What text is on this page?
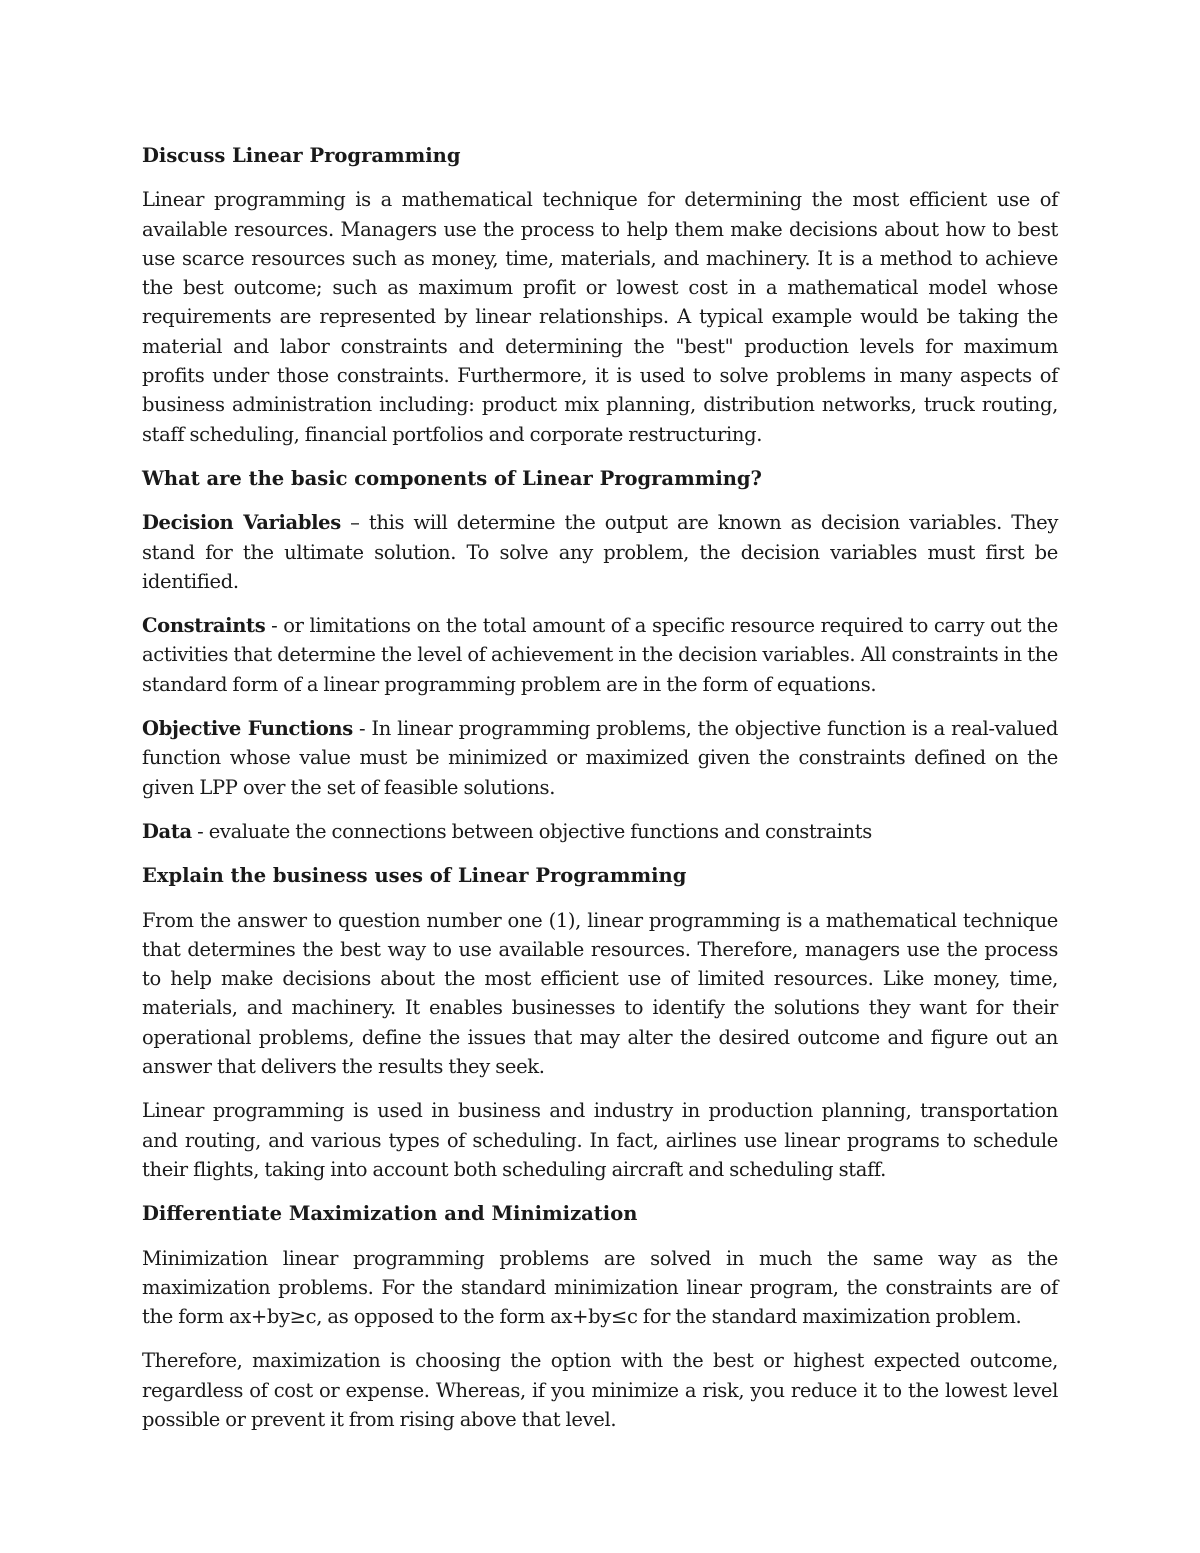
Discuss Linear Programming

Linear programming is a mathematical technique for determining the most efficient use of available resources. Managers use the process to help them make decisions about how to best use scarce resources such as money, time, materials, and machinery. It is a method to achieve the best outcome; such as maximum profit or lowest cost in a mathematical model whose requirements are represented by linear relationships. A typical example would be taking the material and labor constraints and determining the "best" production levels for maximum profits under those constraints. Furthermore, it is used to solve problems in many aspects of business administration including: product mix planning, distribution networks, truck routing, staff scheduling, financial portfolios and corporate restructuring.

What are the basic components of Linear Programming?

Decision Variables – this will determine the output are known as decision variables. They stand for the ultimate solution. To solve any problem, the decision variables must first be identified.

Constraints - or limitations on the total amount of a specific resource required to carry out the activities that determine the level of achievement in the decision variables. All constraints in the standard form of a linear programming problem are in the form of equations.

Objective Functions - In linear programming problems, the objective function is a real-valued function whose value must be minimized or maximized given the constraints defined on the given LPP over the set of feasible solutions.

Data - evaluate the connections between objective functions and constraints

Explain the business uses of Linear Programming

From the answer to question number one (1), linear programming is a mathematical technique that determines the best way to use available resources. Therefore, managers use the process to help make decisions about the most efficient use of limited resources. Like money, time, materials, and machinery. It enables businesses to identify the solutions they want for their operational problems, define the issues that may alter the desired outcome and figure out an answer that delivers the results they seek.

Linear programming is used in business and industry in production planning, transportation and routing, and various types of scheduling. In fact, airlines use linear programs to schedule their flights, taking into account both scheduling aircraft and scheduling staff.

Differentiate Maximization and Minimization

Minimization linear programming problems are solved in much the same way as the maximization problems. For the standard minimization linear program, the constraints are of the form ax+by≥c, as opposed to the form ax+by≤c for the standard maximization problem.

Therefore, maximization is choosing the option with the best or highest expected outcome, regardless of cost or expense. Whereas, if you minimize a risk, you reduce it to the lowest level possible or prevent it from rising above that level.
